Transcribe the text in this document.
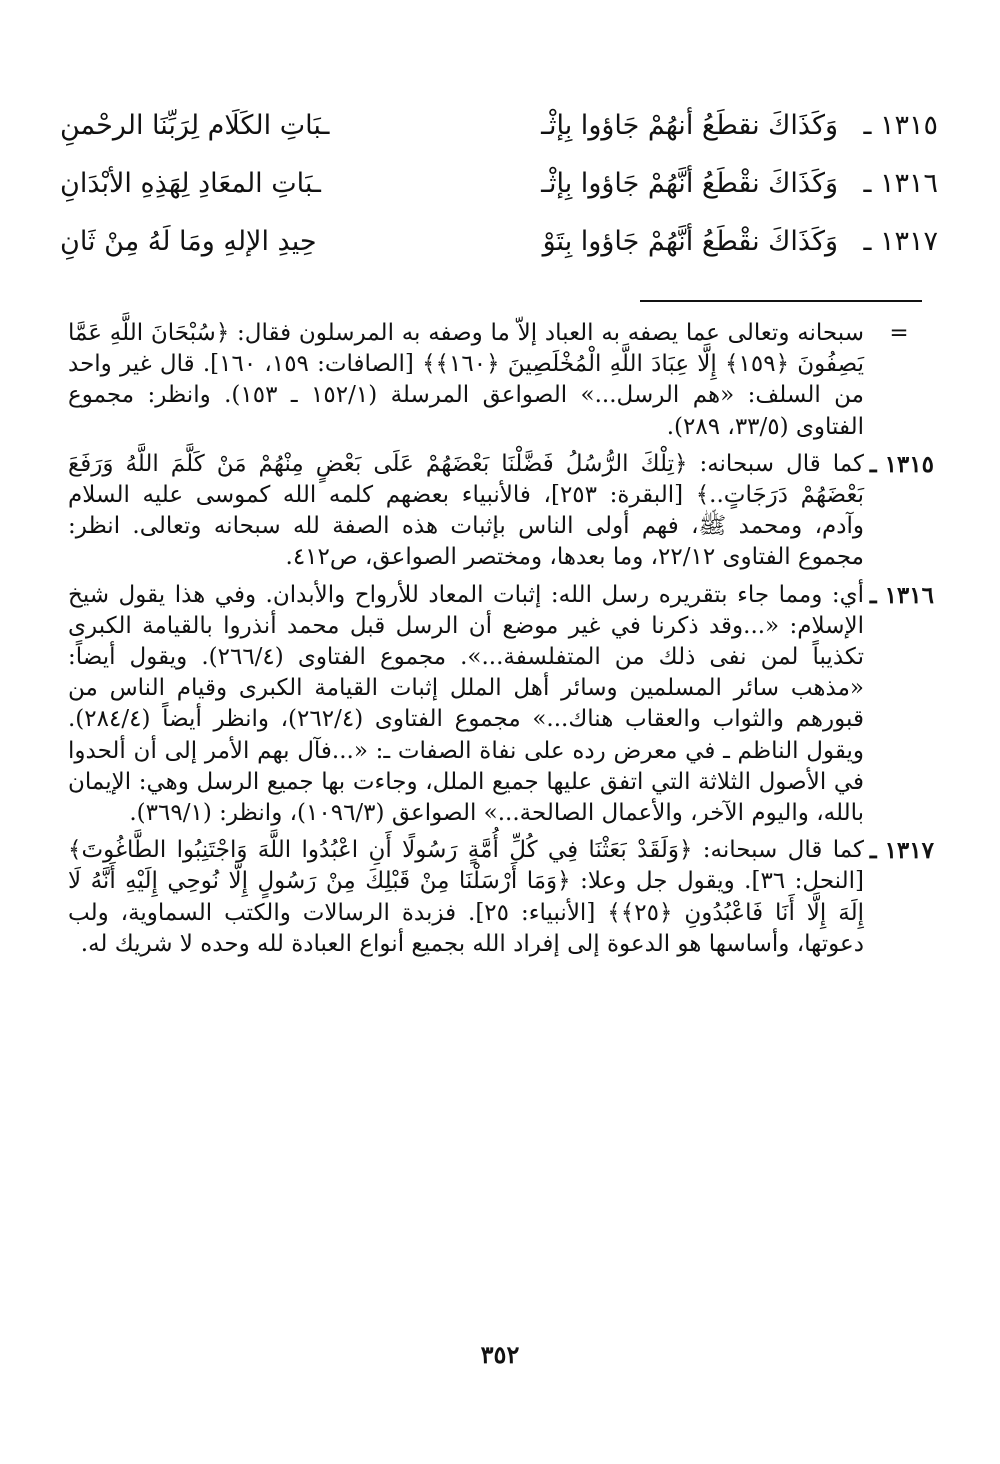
١٣١٥ ـ
وَكَذَاكَ نقطَعُ أنهُمْ جَاؤوا بِإثْـ
ـبَاتِ الكَلَام لِرَبِّنَا الرحْمنِ
١٣١٦ ـ
وَكَذَاكَ نقْطَعُ أنَّهُمْ جَاؤوا بِإثْـ
ـبَاتِ المعَادِ لِهَذِهِ الأبْدَانِ
١٣١٧ ـ
وَكَذَاكَ نقْطَعُ أنَّهُمْ جَاؤوا بِتَوْ
حِيدِ الإلهِ ومَا لَهُ مِنْ ثَانِ
=
سبحانه وتعالى عما يصفه به العباد إلاّ ما وصفه به المرسلون فقال: ﴿سُبْحَانَ اللَّهِ عَمَّا يَصِفُونَ ﴿١٥٩﴾ إِلَّا عِبَادَ اللَّهِ الْمُخْلَصِينَ ﴿١٦٠﴾﴾ [الصافات: ١٥٩، ١٦٠]. قال غير واحد من السلف: «هم الرسل...» الصواعق المرسلة (١٥٢/١ ـ ١٥٣). وانظر: مجموع الفتاوى (٣٣/٥، ٢٨٩).
١٣١٥ ـ
كما قال سبحانه: ﴿تِلْكَ الرُّسُلُ فَضَّلْنَا بَعْضَهُمْ عَلَى بَعْضٍ مِنْهُمْ مَنْ كَلَّمَ اللَّهُ وَرَفَعَ بَعْضَهُمْ دَرَجَاتٍ..﴾ [البقرة: ٢٥٣]، فالأنبياء بعضهم كلمه الله كموسى عليه السلام وآدم، ومحمد ﷺ، فهم أولى الناس بإثبات هذه الصفة لله سبحانه وتعالى. انظر: مجموع الفتاوى ٢٢/١٢، وما بعدها، ومختصر الصواعق، ص٤١٢.
١٣١٦ ـ
أي: ومما جاء بتقريره رسل الله: إثبات المعاد للأرواح والأبدان. وفي هذا يقول شيخ الإسلام: «...وقد ذكرنا في غير موضع أن الرسل قبل محمد أنذروا بالقيامة الكبرى تكذيباً لمن نفى ذلك من المتفلسفة...». مجموع الفتاوى (٢٦٦/٤). ويقول أيضاً: «مذهب سائر المسلمين وسائر أهل الملل إثبات القيامة الكبرى وقيام الناس من قبورهم والثواب والعقاب هناك...» مجموع الفتاوى (٢٦٢/٤)، وانظر أيضاً (٢٨٤/٤). ويقول الناظم ـ في معرض رده على نفاة الصفات ـ: «...فآل بهم الأمر إلى أن ألحدوا في الأصول الثلاثة التي اتفق عليها جميع الملل، وجاءت بها جميع الرسل وهي: الإيمان بالله، واليوم الآخر، والأعمال الصالحة...» الصواعق (١٠٩٦/٣)، وانظر: (٣٦٩/١).
١٣١٧ ـ
كما قال سبحانه: ﴿وَلَقَدْ بَعَثْنَا فِي كُلِّ أُمَّةٍ رَسُولًا أَنِ اعْبُدُوا اللَّهَ وَاجْتَنِبُوا الطَّاغُوتَ﴾ [النحل: ٣٦]. ويقول جل وعلا: ﴿وَمَا أَرْسَلْنَا مِنْ قَبْلِكَ مِنْ رَسُولٍ إِلَّا نُوحِي إِلَيْهِ أَنَّهُ لَا إِلَهَ إِلَّا أَنَا فَاعْبُدُونِ ﴿٢٥﴾﴾ [الأنبياء: ٢٥]. فزبدة الرسالات والكتب السماوية، ولب دعوتها، وأساسها هو الدعوة إلى إفراد الله بجميع أنواع العبادة لله وحده لا شريك له.
٣٥٢
